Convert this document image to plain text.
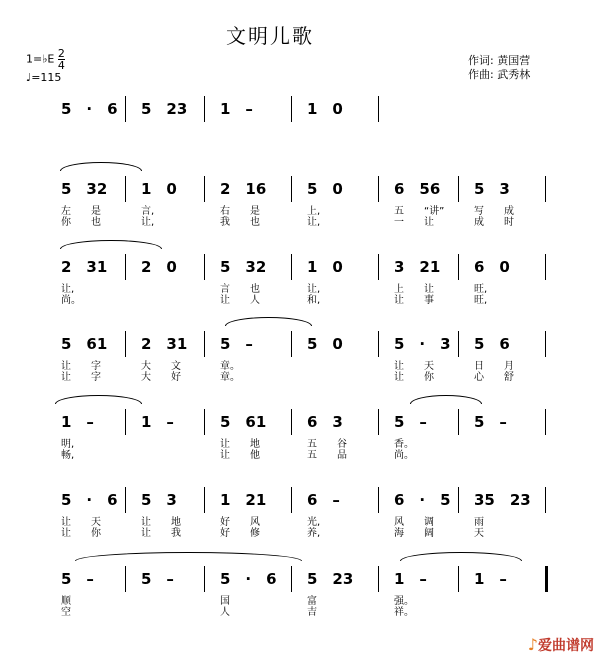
文明儿歌
1=♭E $\frac{2}{4}$

♩=115
作词: 黄国营
作曲: 武秀林
5 · 6 5 23 1 –	1 0
5 32
左  是
你  也
1 0
言,
让,
2 16
右  是
我  也
5 0
上,
让,
6 56
五  “讲”
一  让
5 3
写  成
成  时
2 31
让,
尚。
2 0	5 32
言  也
让  人
1 0
让,
和,
3 21
上  让
让  事
6 0
旺,
旺,
5 61
让  字
让  字
2 31
大  文
大  好
5 –
章。
章。
5 0	5 · 3
让  天
让  你
5 6
日  月
心  舒
1 –
明,
畅,
1 –	5 61
让  地
让  他
6 3
五  谷
五  品
5 –
香。
尚。
5 –
5 · 6
让  天
让  你
5 3
让  地
让  我
1 21
好  风
好  修
6 –
光,
养,
6 · 5
风  调
海  阔
35 23
雨
天
5 –
顺
空
5 –	5 · 6
国
人
5 23
富
吉
1 –
强。
祥。
1 –
♪爱曲谱网
